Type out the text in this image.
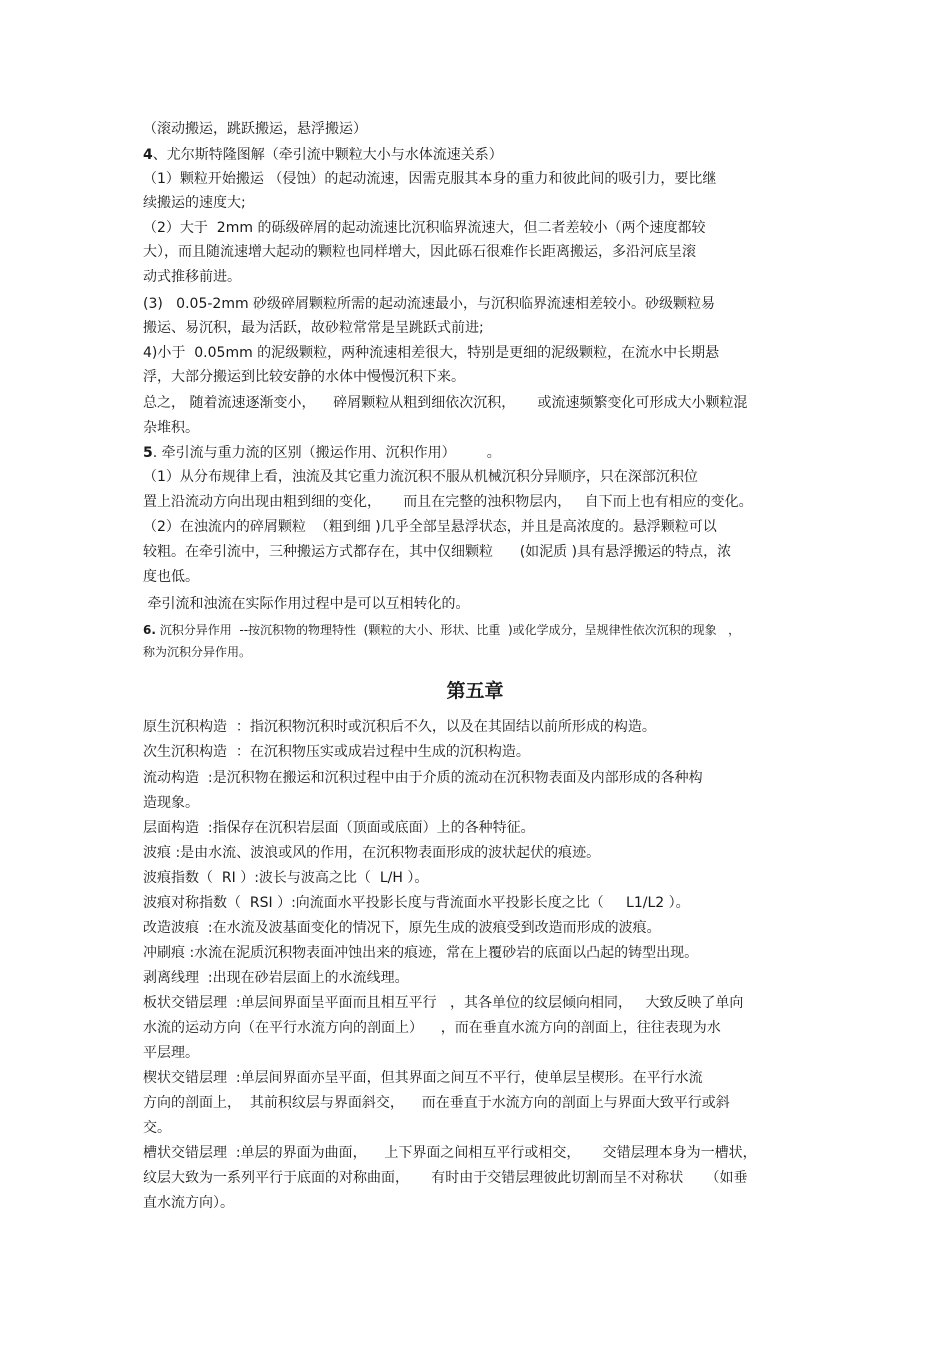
（滚动搬运，跳跃搬运，悬浮搬运）

4、尤尔斯特隆图解（牵引流中颗粒大小与水体流速关系）

（1）颗粒开始搬运 （侵蚀）的起动流速，因需克服其本身的重力和彼此间的吸引力，要比继

续搬运的速度大;

（2）大于  2mm 的砾级碎屑的起动流速比沉积临界流速大，但二者差较小（两个速度都较

大），而且随流速增大起动的颗粒也同样增大，因此砾石很难作长距离搬运，多沿河底呈滚

动式推移前进。

(3)   0.05-2mm 砂级碎屑颗粒所需的起动流速最小，与沉积临界流速相差较小。砂级颗粒易

搬运、易沉积，最为活跃，故砂粒常常是呈跳跃式前进;

4)小于  0.05mm 的泥级颗粒，两种流速相差很大，特别是更细的泥级颗粒，在流水中长期悬

浮，大部分搬运到比较安静的水体中慢慢沉积下来。

总之， 随着流速逐渐变小，    碎屑颗粒从粗到细依次沉积，     或流速频繁变化可形成大小颗粒混

杂堆积。

5. 牵引流与重力流的区别（搬运作用、沉积作用）       。

（1）从分布规律上看，浊流及其它重力流沉积不服从机械沉积分异顺序，只在深部沉积位

置上沿流动方向出现由粗到细的变化，     而且在完整的浊积物层内，   自下而上也有相应的变化。

（2）在浊流内的碎屑颗粒  （粗到细 )几乎全部呈悬浮状态，并且是高浓度的。悬浮颗粒可以

较粗。在牵引流中，三种搬运方式都存在，其中仅细颗粒      (如泥质 )具有悬浮搬运的特点，浓

度也低。

牵引流和浊流在实际作用过程中是可以互相转化的。

6. 沉积分异作用  --按沉积物的物理特性  (颗粒的大小、形状、比重  )或化学成分，呈规律性依次沉积的现象   ，

称为沉积分异作用。

第五章

原生沉积构造  ：指沉积物沉积时或沉积后不久，以及在其固结以前所形成的构造。

次生沉积构造  ：在沉积物压实或成岩过程中生成的沉积构造。

流动构造  :是沉积物在搬运和沉积过程中由于介质的流动在沉积物表面及内部形成的各种构

造现象。

层面构造  :指保存在沉积岩层面（顶面或底面）上的各种特征。

波痕 :是由水流、波浪或风的作用，在沉积物表面形成的波状起伏的痕迹。

波痕指数（  RI ）:波长与波高之比（  L/H ）。

波痕对称指数（  RSI ）:向流面水平投影长度与背流面水平投影长度之比（     L1/L2 ）。

改造波痕  :在水流及波基面变化的情况下，原先生成的波痕受到改造而形成的波痕。

冲刷痕 :水流在泥质沉积物表面冲蚀出来的痕迹，常在上覆砂岩的底面以凸起的铸型出现。

剥离线理  :出现在砂岩层面上的水流线理。

板状交错层理  :单层间界面呈平面而且相互平行   ，其各单位的纹层倾向相同，   大致反映了单向

水流的运动方向（在平行水流方向的剖面上）    ，而在垂直水流方向的剖面上，往往表现为水

平层理。

楔状交错层理  :单层间界面亦呈平面，但其界面之间互不平行，使单层呈楔形。在平行水流

方向的剖面上，  其前积纹层与界面斜交，    而在垂直于水流方向的剖面上与界面大致平行或斜

交。

槽状交错层理  :单层的界面为曲面，    上下界面之间相互平行或相交，     交错层理本身为一槽状，

纹层大致为一系列平行于底面的对称曲面，     有时由于交错层理彼此切割而呈不对称状     （如垂

直水流方向）。
